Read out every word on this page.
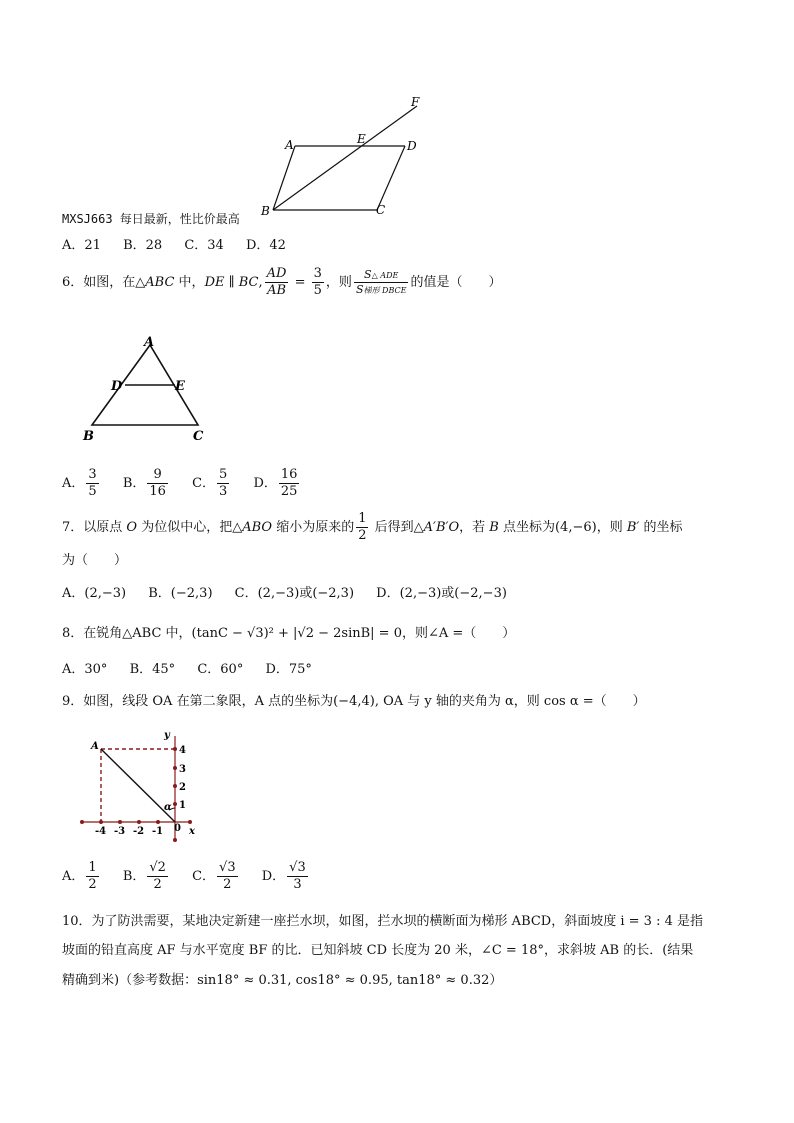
F
A	E	D
B	C
MXSJ663 每日最新，性比价最高
A．21 B．28 C．34 D．42
6．如图，在△ABC 中，DE ∥ BC, $\frac{AD}{AB} = \frac{3}{5}$ ，则 $\frac{\text{S△ ADE}}{\text{S梯形 DBCE}}$ 的值是（　　）
A
D	E
B	C
A． $\frac{3}{5}$ B． $\frac{9}{16}$ C． $\frac{5}{3}$ D． $\frac{16}{25}$
7．以原点 O 为位似中心，把△ABO 缩小为原来的 $\frac{1}{2}$ 后得到△A′B′O，若 B 点坐标为(4,−6)，则 B′ 的坐标
为（　　）
A．(2,−3) B．(−2,3) C．(2,−3)或(−2,3) D．(2,−3)或(−2,−3)
8．在锐角△ABC 中，(tanC − √3)² + |√2 − 2sinB| = 0，则∠A =（　　）
A．30° B．45° C．60° D．75°
9．如图，线段 OA 在第二象限，A 点的坐标为(−4,4), OA 与 y 轴的夹角为 α，则 cos α =（　　）
A
y
x
α
0
-4 -3 -2 -1
4
3
2
1
A． $\frac{1}{2}$ B． $\frac{√2}{2}$ C． $\frac{√3}{2}$ D． $\frac{√3}{3}$
10．为了防洪需要，某地决定新建一座拦水坝，如图，拦水坝的横断面为梯形 ABCD，斜面坡度 i = 3 : 4 是指
坡面的铅直高度 AF 与水平宽度 BF 的比．已知斜坡 CD 长度为 20 米，∠C = 18°，求斜坡 AB 的长．(结果
精确到米)（参考数据：sin18° ≈ 0.31, cos18° ≈ 0.95, tan18° ≈ 0.32）
